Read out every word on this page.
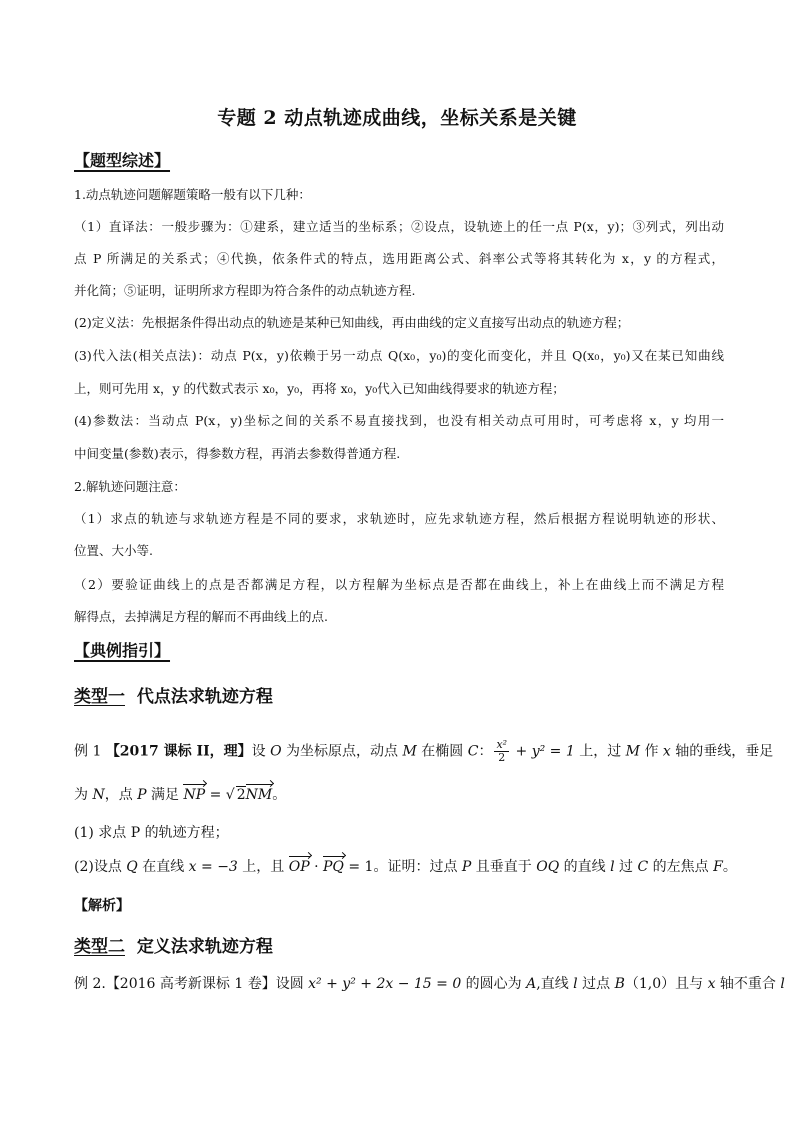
专题 2 动点轨迹成曲线，坐标关系是关键
【题型综述】
1.动点轨迹问题解题策略一般有以下几种：
（1）直译法：一般步骤为：①建系，建立适当的坐标系；②设点，设轨迹上的任一点 P(x，y)；③列式，列出动
点 P 所满足的关系式；④代换，依条件式的特点，选用距离公式、斜率公式等将其转化为 x，y 的方程式，
并化简；⑤证明，证明所求方程即为符合条件的动点轨迹方程.
(2)定义法：先根据条件得出动点的轨迹是某种已知曲线，再由曲线的定义直接写出动点的轨迹方程；
(3)代入法(相关点法)：动点 P(x，y)依赖于另一动点 Q(x₀，y₀)的变化而变化，并且 Q(x₀，y₀)又在某已知曲线
上，则可先用 x，y 的代数式表示 x₀，y₀，再将 x₀，y₀代入已知曲线得要求的轨迹方程；
(4)参数法：当动点 P(x，y)坐标之间的关系不易直接找到，也没有相关动点可用时，可考虑将 x，y 均用一
中间变量(参数)表示，得参数方程，再消去参数得普通方程.
2.解轨迹问题注意：
（1）求点的轨迹与求轨迹方程是不同的要求，求轨迹时，应先求轨迹方程，然后根据方程说明轨迹的形状、
位置、大小等.
（2）要验证曲线上的点是否都满足方程，以方程解为坐标点是否都在曲线上，补上在曲线上而不满足方程
解得点，去掉满足方程的解而不再曲线上的点.
【典例指引】
类型一 代点法求轨迹方程
例 1 【2017 课标 II，理】设 O 为坐标原点，动点 M 在椭圆 C： $\frac{\text{x²}}{2} + y^2 = 1$ 上，过 M 作 x 轴的垂线，垂足
为 N，点 P 满足 NP = √ 2NM。
(1) 求点 P 的轨迹方程；
(2)设点 Q 在直线 x = −3 上，且 OP · PQ = 1。证明：过点 P 且垂直于 OQ 的直线 l 过 C 的左焦点 F。
【解析】
类型二 定义法求轨迹方程
例 2.【2016 高考新课标 1 卷】设圆 x² + y² + 2x − 15 = 0 的圆心为 A,直线 l 过点 B（1,0）且与 x 轴不重合 l
